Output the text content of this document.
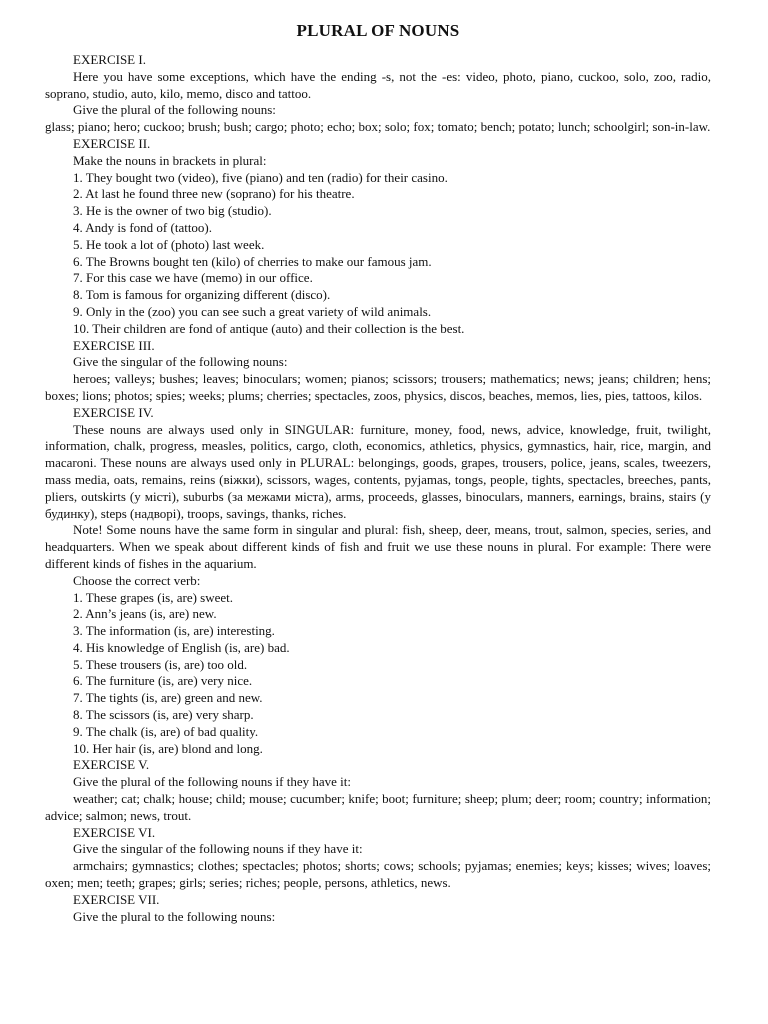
PLURAL OF NOUNS

EXERCISE I.

Here you have some exceptions, which have the ending -s, not the -es: video, photo, piano, cuckoo, solo, zoo, radio, soprano, studio, auto, kilo, memo, disco and tattoo.

Give the plural of the following nouns:

glass; piano; hero; cuckoo; brush; bush; cargo; photo; echo; box; solo; fox; tomato; bench; potato; lunch; schoolgirl; son-in-law.

EXERCISE II.

Make the nouns in brackets in plural:

1. They bought two (video), five (piano) and ten (radio) for their casino.

2. At last he found three new (soprano) for his theatre.

3. He is the owner of two big (studio).

4. Andy is fond of (tattoo).

5. He took a lot of (photo) last week.

6. The Browns bought ten (kilo) of cherries to make our famous jam.

7. For this case we have (memo) in our office.

8. Tom is famous for organizing different (disco).

9. Only in the (zoo) you can see such a great variety of wild animals.

10. Their children are fond of antique (auto) and their collection is the best.

EXERCISE III.

Give the singular of the following nouns:

heroes; valleys; bushes; leaves; binoculars; women; pianos; scissors; trousers; mathematics; news; jeans; children; hens; boxes; lions; photos; spies; weeks; plums; cherries; spectacles, zoos, physics, discos, beaches, memos, lies, pies, tattoos, kilos.

EXERCISE IV.

These nouns are always used only in SINGULAR: furniture, money, food, news, advice, knowledge, fruit, twilight, information, chalk, progress, measles, politics, cargo, cloth, economics, athletics, physics, gymnastics, hair, rice, margin, and macaroni. These nouns are always used only in PLURAL: belongings, goods, grapes, trousers, police, jeans, scales, tweezers, mass media, oats, remains, reins (віжки), scissors, wages, contents, pyjamas, tongs, people, tights, spectacles, breeches, pants, pliers, outskirts (у місті), suburbs (за межами міста), arms, proceeds, glasses, binoculars, manners, earnings, brains, stairs (у будинку), steps (надворі), troops, savings, thanks, riches.

Note! Some nouns have the same form in singular and plural: fish, sheep, deer, means, trout, salmon, species, series, and headquarters. When we speak about different kinds of fish and fruit we use these nouns in plural. For example: There were different kinds of fishes in the aquarium.

Choose the correct verb:

1. These grapes (is, are) sweet.

2. Ann’s jeans (is, are) new.

3. The information (is, are) interesting.

4. His knowledge of English (is, are) bad.

5. These trousers (is, are) too old.

6. The furniture (is, are) very nice.

7. The tights (is, are) green and new.

8. The scissors (is, are) very sharp.

9. The chalk (is, are) of bad quality.

10. Her hair (is, are) blond and long.

EXERCISE V.

Give the plural of the following nouns if they have it:

weather; cat; chalk; house; child; mouse; cucumber; knife; boot; furniture; sheep; plum; deer; room; country; information; advice; salmon; news, trout.

EXERCISE VI.

Give the singular of the following nouns if they have it:

armchairs; gymnastics; clothes; spectacles; photos; shorts; cows; schools; pyjamas; enemies; keys; kisses; wives; loaves; oxen; men; teeth; grapes; girls; series; riches; people, persons, athletics, news.

EXERCISE VII.

Give the plural to the following nouns:
